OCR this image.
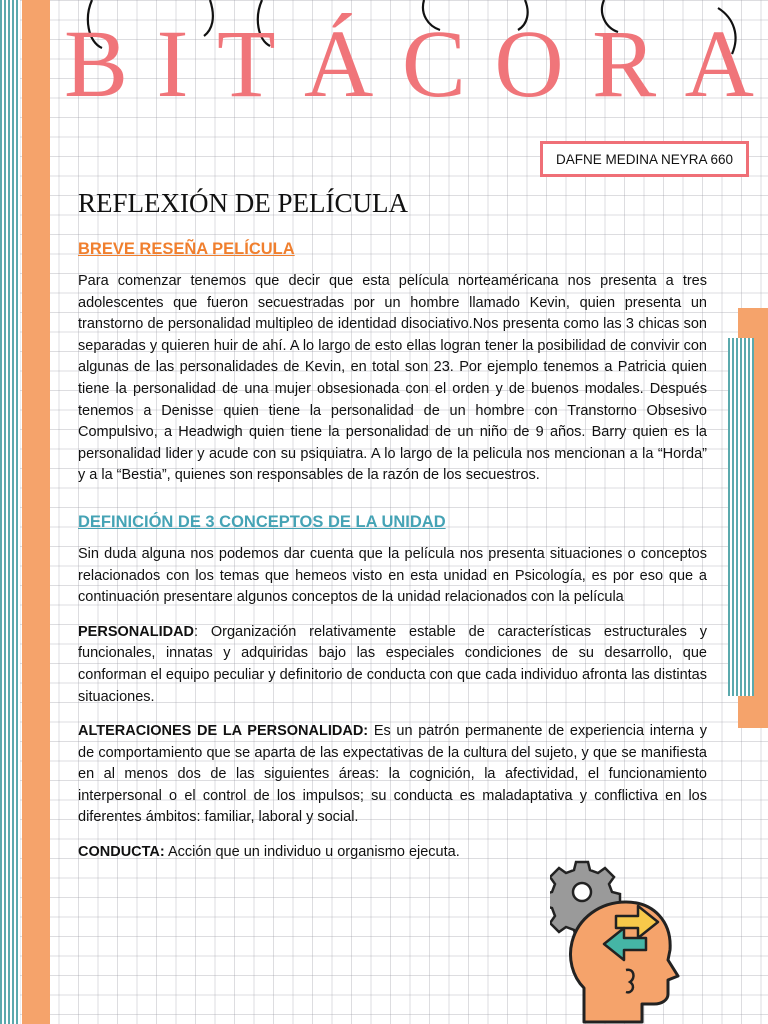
B I T Á C O R A
DAFNE MEDINA NEYRA 660
REFLEXIÓN DE PELÍCULA

BREVE RESEÑA PELÍCULA

Para comenzar tenemos que decir que esta película norteaméricana nos presenta a tres adolescentes que fueron secuestradas por un hombre llamado Kevin, quien presenta un transtorno de personalidad multipleo de identidad disociativo.Nos presenta como las 3 chicas son separadas y quieren huir de ahí. A lo largo de esto ellas logran tener la posibilidad de convivir con algunas de las personalidades de Kevin, en total son 23. Por ejemplo tenemos a Patricia quien tiene la personalidad de una mujer obsesionada con el orden y de buenos modales. Después tenemos a Denisse quien tiene la personalidad de un hombre con Transtorno Obsesivo Compulsivo, a Headwigh quien tiene la personalidad de un niño de 9 años. Barry quien es la personalidad lider y acude con su psiquiatra. A lo largo de la pelicula nos mencionan a la “Horda” y a la “Bestia”, quienes son responsables de la razón de los secuestros.

DEFINICIÓN DE 3 CONCEPTOS DE LA UNIDAD

Sin duda alguna nos podemos dar cuenta que la película nos presenta situaciones o conceptos relacionados con los temas que hemeos visto en esta unidad en Psicología, es por eso que a continuación presentare algunos conceptos de la unidad relacionados con la película

PERSONALIDAD: Organización relativamente estable de características estructurales y funcionales, innatas y adquiridas bajo las especiales condiciones de su desarrollo, que conforman el equipo peculiar y definitorio de conducta con que cada individuo afronta las distintas situaciones.

ALTERACIONES DE LA PERSONALIDAD: Es un patrón permanente de experiencia interna y de comportamiento que se aparta de las expectativas de la cultura del sujeto, y que se manifiesta en al menos dos de las siguientes áreas: la cognición, la afectividad, el funcionamiento interpersonal o el control de los impulsos; su conducta es maladaptativa y conflictiva en los diferentes ámbitos: familiar, laboral y social.

CONDUCTA: Acción que un individuo u organismo ejecuta.
